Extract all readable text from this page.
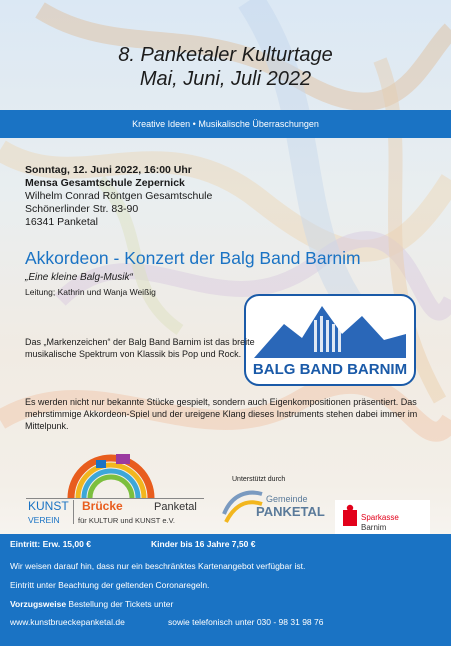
8. Panketaler Kulturtage
Mai, Juni, Juli 2022
Kreative Ideen • Musikalische Überraschungen
Sonntag, 12. Juni 2022, 16:00 Uhr
Mensa Gesamtschule Zepernick
Wilhelm Conrad Röntgen Gesamtschule
Schönerlinder Str. 83-90
16341 Panketal
Akkordeon - Konzert der Balg Band Barnim
„Eine kleine Balg-Musik“
Leitung; Kathrin und Wanja Weißig
BALG BAND BARNIM
Das „Markenzeichen“ der Balg Band Barnim ist das breite musikalische Spektrum von Klassik bis Pop und Rock.
Es werden nicht nur bekannte Stücke gespielt, sondern auch Eigenkompositionen präsentiert. Das mehrstimmige Akkordeon-Spiel und der ureigene Klang dieses Instruments stehen dabei immer im Mittelpunk.
KUNST
VEREIN
Brücke	Panketal
für KULTUR und KUNST e.V.
Unterstützt durch
Gemeinde
PANKETAL	Sparkasse
Barnim
Eintritt: Erw. 15,00 €	Kinder bis 16 Jahre 7,50 €
Wir weisen darauf hin, dass nur ein beschränktes Kartenangebot verfügbar ist.
Eintritt unter Beachtung der geltenden Coronaregeln.
Vorzugsweise Bestellung der Tickets unter
www.kunstbrueckepanketal.de	sowie telefonisch unter 030 - 98 31 98 76
